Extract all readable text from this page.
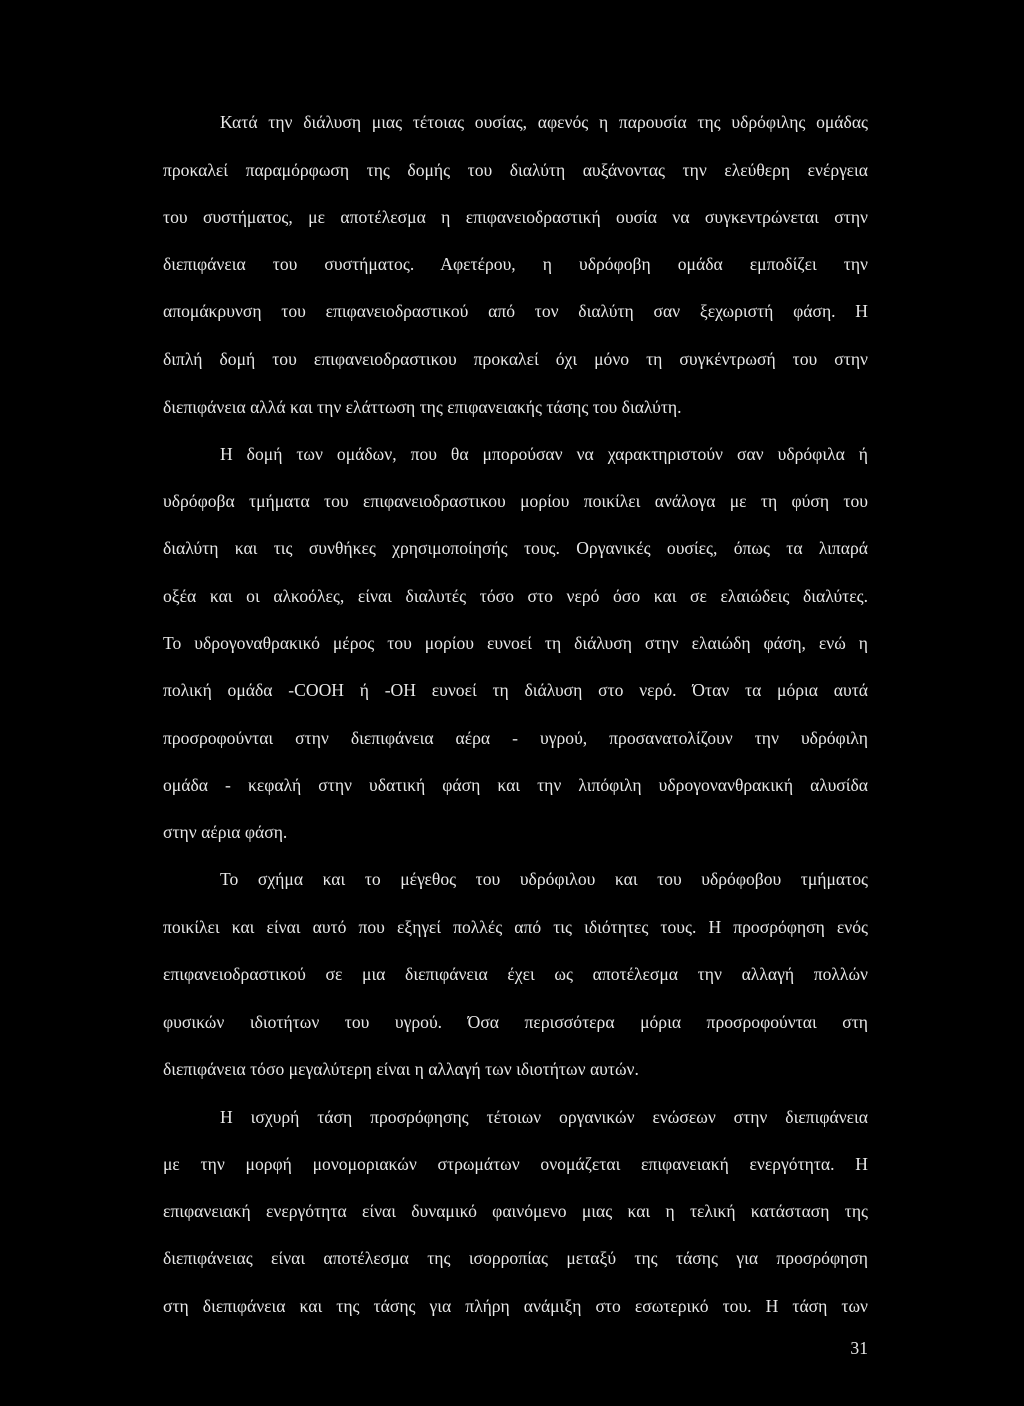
Κατά την διάλυση μιας τέτοιας ουσίας, αφενός η παρουσία της υδρόφιλης ομάδας
προκαλεί παραμόρφωση της δομής του διαλύτη αυξάνοντας την ελεύθερη ενέργεια
του συστήματος, με αποτέλεσμα η επιφανειοδραστική ουσία να συγκεντρώνεται στην
διεπιφάνεια του συστήματος. Αφετέρου, η υδρόφοβη ομάδα εμποδίζει την
απομάκρυνση του επιφανειοδραστικού από τον διαλύτη σαν ξεχωριστή φάση. Η
διπλή δομή του επιφανειοδραστικου προκαλεί όχι μόνο τη συγκέντρωσή του στην
διεπιφάνεια αλλά και την ελάττωση της επιφανειακής τάσης του διαλύτη.
Η δομή των ομάδων, που θα μπορούσαν να χαρακτηριστούν σαν υδρόφιλα ή
υδρόφοβα τμήματα του επιφανειοδραστικου μορίου ποικίλει ανάλογα με τη φύση του
διαλύτη και τις συνθήκες χρησιμοποίησής τους. Οργανικές ουσίες, όπως τα λιπαρά
οξέα και οι αλκοόλες, είναι διαλυτές τόσο στο νερό όσο και σε ελαιώδεις διαλύτες.
Το υδρογοναθρακικό μέρος του μορίου ευνοεί τη διάλυση στην ελαιώδη φάση, ενώ η
πολική ομάδα -COOH ή -OH ευνοεί τη διάλυση στο νερό. Όταν τα μόρια αυτά
προσροφούνται στην διεπιφάνεια αέρα - υγρού, προσανατολίζουν την υδρόφιλη
ομάδα - κεφαλή στην υδατική φάση και την λιπόφιλη υδρογονανθρακική αλυσίδα
στην αέρια φάση.
Το σχήμα και το μέγεθος του υδρόφιλου και του υδρόφοβου τμήματος
ποικίλει και είναι αυτό που εξηγεί πολλές από τις ιδιότητες τους. Η προσρόφηση ενός
επιφανειοδραστικού σε μια διεπιφάνεια έχει ως αποτέλεσμα την αλλαγή πολλών
φυσικών ιδιοτήτων του υγρού. Όσα περισσότερα μόρια προσροφούνται στη
διεπιφάνεια τόσο μεγαλύτερη είναι η αλλαγή των ιδιοτήτων αυτών.
Η ισχυρή τάση προσρόφησης τέτοιων οργανικών ενώσεων στην διεπιφάνεια
με την μορφή μονομοριακών στρωμάτων ονομάζεται επιφανειακή ενεργότητα. Η
επιφανειακή ενεργότητα είναι δυναμικό φαινόμενο μιας και η τελική κατάσταση της
διεπιφάνειας είναι αποτέλεσμα της ισορροπίας μεταξύ της τάσης για προσρόφηση
στη διεπιφάνεια και της τάσης για πλήρη ανάμιξη στο εσωτερικό του. Η τάση των
31
